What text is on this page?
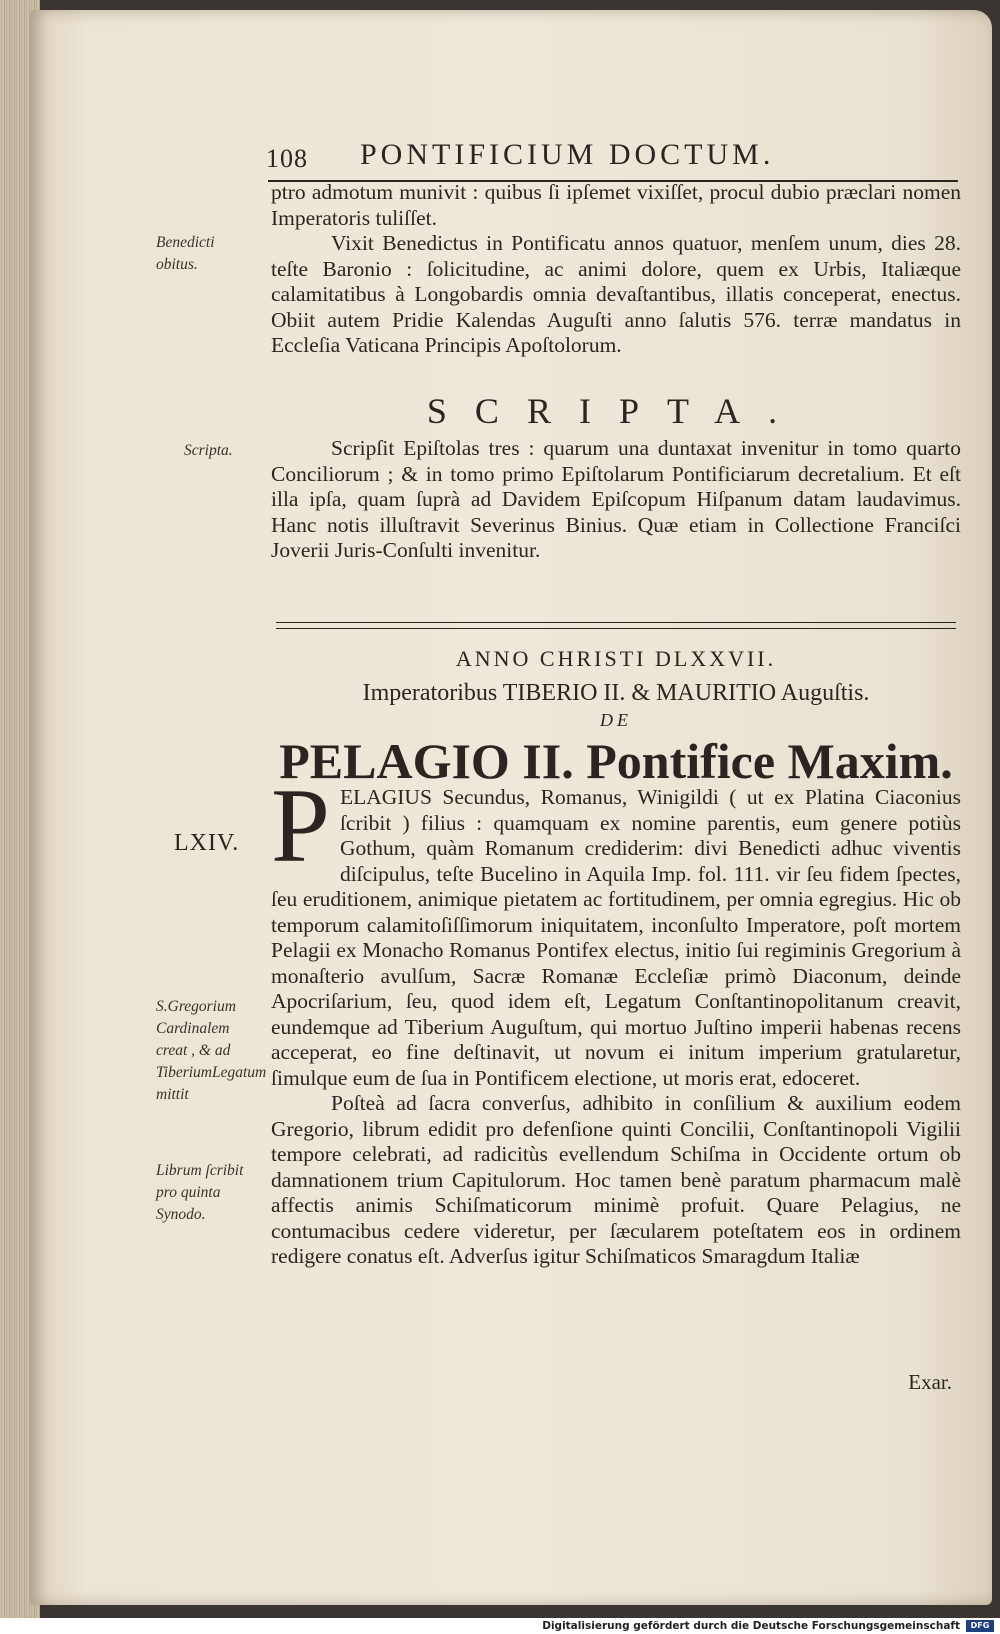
108 PONTIFICIUM DOCTUM.
Benedicti obitus.

ptro admotum munivit : quibus ſi ipſemet vixiſſet, procul dubio præclari nomen Imperatoris tuliſſet.

Vixit Benedictus in Pontificatu annos quatuor, menſem unum, dies 28. teſte Baronio : ſolicitudine, ac animi dolore, quem ex Urbis, Italiæque calamitatibus à Longobardis omnia devaſtantibus, illatis conceperat, enectus. Obiit autem Pridie Kalendas Auguſti anno ſalutis 576. terræ mandatus in Eccleſia Vaticana Principis Apoſtolorum.

SCRIPTA.
Scripta.	Scripſit Epiſtolas tres : quarum una duntaxat invenitur in tomo quarto Conciliorum ; & in tomo primo Epiſtolarum Pontificiarum decretalium. Et eſt illa ipſa, quam ſuprà ad Davidem Epiſcopum Hiſpanum datam laudavimus. Hanc notis illuſtravit Severinus Binius. Quæ etiam in Collectione Franciſci Joverii Juris-Conſulti invenitur.

ANNO CHRISTI DLXXVII.
Imperatoribus TIBERIO II. & MAURITIO Auguſtis.
DE
PELAGIO II. Pontifice Maxim.
LXIV.
S.Gregorium Cardinalem creat , & ad TiberiumLegatum mittit
Librum ſcribit pro quinta Synodo.

PELAGIUS Secundus, Romanus, Winigildi ( ut ex Platina Ciaconius ſcribit ) filius : quamquam ex nomine parentis, eum genere potiùs Gothum, quàm Romanum crediderim: divi Benedicti adhuc viventis diſcipulus, teſte Bucelino in Aquila Imp. fol. 111. vir ſeu fidem ſpectes, ſeu eruditionem, animique pietatem ac fortitudinem, per omnia egregius. Hic ob temporum calamitoſiſſimorum iniquitatem, inconſulto Imperatore, poſt mortem Pelagii ex Monacho Romanus Pontifex electus, initio ſui regiminis Gregorium à monaſterio avulſum, Sacræ Romanæ Eccleſiæ primò Diaconum, deinde Apocriſarium, ſeu, quod idem eſt, Legatum Conſtantinopolitanum creavit, eundemque ad Tiberium Auguſtum, qui mortuo Juſtino imperii habenas recens acceperat, eo fine deſtinavit, ut novum ei initum imperium gratularetur, ſimulque eum de ſua in Pontificem electione, ut moris erat, edoceret.

Poſteà ad ſacra converſus, adhibito in conſilium & auxilium eodem Gregorio, librum edidit pro defenſione quinti Concilii, Conſtantinopoli Vigilii tempore celebrati, ad radicitùs evellendum Schiſma in Occidente ortum ob damnationem trium Capitulorum. Hoc tamen benè paratum pharmacum malè affectis animis Schiſmaticorum minimè profuit. Quare Pelagius, ne contumacibus cedere videretur, per ſæcularem poteſtatem eos in ordinem redigere conatus eſt. Adverſus igitur Schiſmaticos Smaragdum Italiæ

Exar.
Digitalisierung gefördert durch die Deutsche Forschungsgemeinschaft	DFG
